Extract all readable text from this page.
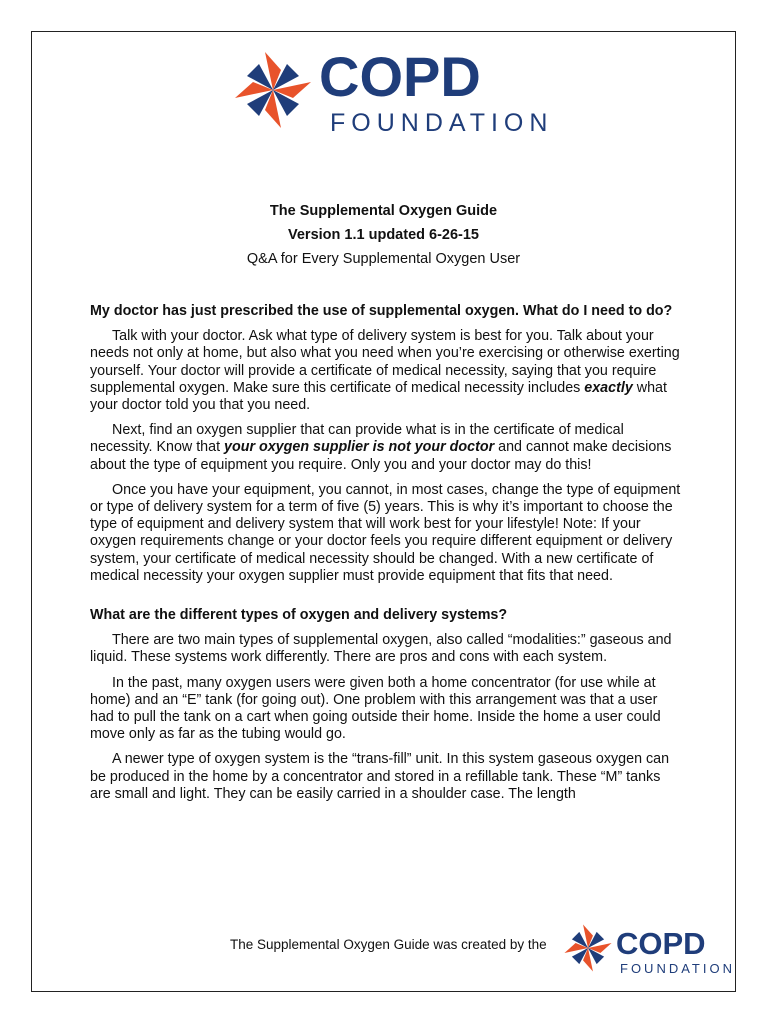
COPD
FOUNDATION

The Supplemental Oxygen Guide

Version 1.1 updated 6-26-15

Q&A for Every Supplemental Oxygen User

My doctor has just prescribed the use of supplemental oxygen. What do I need to do?

Talk with your doctor. Ask what type of delivery system is best for you. Talk about your needs not only at home, but also what you need when you’re exercising or otherwise exerting yourself. Your doctor will provide a certificate of medical necessity, saying that you require supplemental oxygen. Make sure this certificate of medical necessity includes exactly what your doctor told you that you need.

Next, find an oxygen supplier that can provide what is in the certificate of medical necessity. Know that your oxygen supplier is not your doctor and cannot make decisions about the type of equipment you require. Only you and your doctor may do this!

Once you have your equipment, you cannot, in most cases, change the type of equipment or type of delivery system for a term of five (5) years. This is why it’s important to choose the type of equipment and delivery system that will work best for your lifestyle! Note: If your oxygen requirements change or your doctor feels you require different equipment or delivery system, your certificate of medical necessity should be changed. With a new certificate of medical necessity your oxygen supplier must provide equipment that fits that need.

What are the different types of oxygen and delivery systems?

There are two main types of supplemental oxygen, also called “modalities:” gaseous and liquid. These systems work differently. There are pros and cons with each system.

In the past, many oxygen users were given both a home concentrator (for use while at home) and an “E” tank (for going out). One problem with this arrangement was that a user had to pull the tank on a cart when going outside their home. Inside the home a user could move only as far as the tubing would go.

A newer type of oxygen system is the “trans-fill” unit. In this system gaseous oxygen can be produced in the home by a concentrator and stored in a refillable tank. These “M” tanks are small and light. They can be easily carried in a shoulder case. The length

The Supplemental Oxygen Guide was created by the COPD
FOUNDATION
